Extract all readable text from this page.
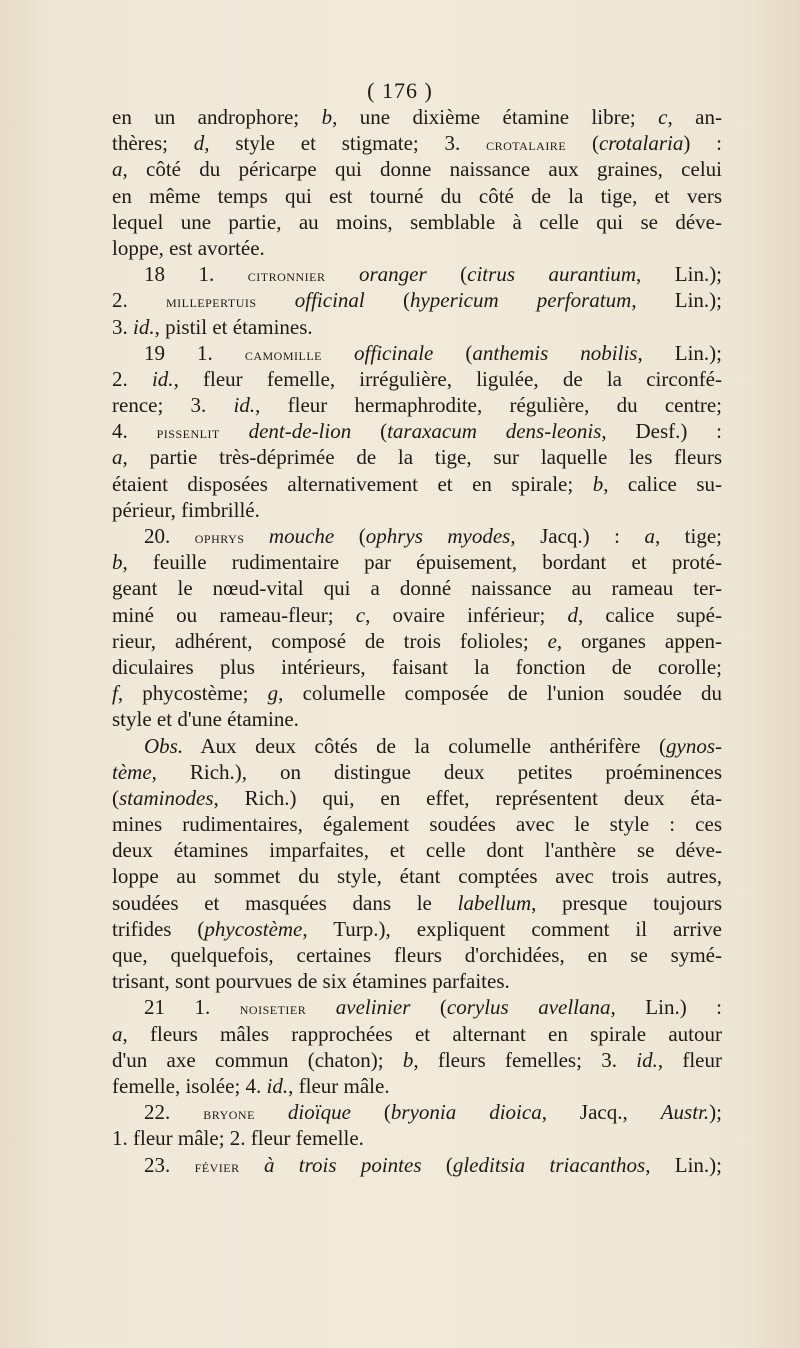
( 176 )
en un androphore; b, une dixième étamine libre; c, an-
thères; d, style et stigmate; 3. crotalaire (crotalaria) :
a, côté du péricarpe qui donne naissance aux graines, celui
en même temps qui est tourné du côté de la tige, et vers
lequel une partie, au moins, semblable à celle qui se déve-
loppe, est avortée.
18 1. citronnier oranger (citrus aurantium, Lin.);
2. millepertuis officinal (hypericum perforatum, Lin.);
3. id., pistil et étamines.
19 1. camomille officinale (anthemis nobilis, Lin.);
2. id., fleur femelle, irrégulière, ligulée, de la circonfé-
rence; 3. id., fleur hermaphrodite, régulière, du centre;
4. pissenlit dent-de-lion (taraxacum dens-leonis, Desf.) :
a, partie très-déprimée de la tige, sur laquelle les fleurs
étaient disposées alternativement et en spirale; b, calice su-
périeur, fimbrillé.
20. ophrys mouche (ophrys myodes, Jacq.) : a, tige;
b, feuille rudimentaire par épuisement, bordant et proté-
geant le nœud-vital qui a donné naissance au rameau ter-
miné ou rameau-fleur; c, ovaire inférieur; d, calice supé-
rieur, adhérent, composé de trois folioles; e, organes appen-
diculaires plus intérieurs, faisant la fonction de corolle;
f, phycostème; g, columelle composée de l'union soudée du
style et d'une étamine.
Obs. Aux deux côtés de la columelle anthérifère (gynos-
tème, Rich.), on distingue deux petites proéminences
(staminodes, Rich.) qui, en effet, représentent deux éta-
mines rudimentaires, également soudées avec le style : ces
deux étamines imparfaites, et celle dont l'anthère se déve-
loppe au sommet du style, étant comptées avec trois autres,
soudées et masquées dans le labellum, presque toujours
trifides (phycostème, Turp.), expliquent comment il arrive
que, quelquefois, certaines fleurs d'orchidées, en se symé-
trisant, sont pourvues de six étamines parfaites.
21 1. noisetier avelinier (corylus avellana, Lin.) :
a, fleurs mâles rapprochées et alternant en spirale autour
d'un axe commun (chaton); b, fleurs femelles; 3. id., fleur
femelle, isolée; 4. id., fleur mâle.
22. bryone dioïque (bryonia dioica, Jacq., Austr.);
1. fleur mâle; 2. fleur femelle.
23. févier à trois pointes (gleditsia triacanthos, Lin.);
